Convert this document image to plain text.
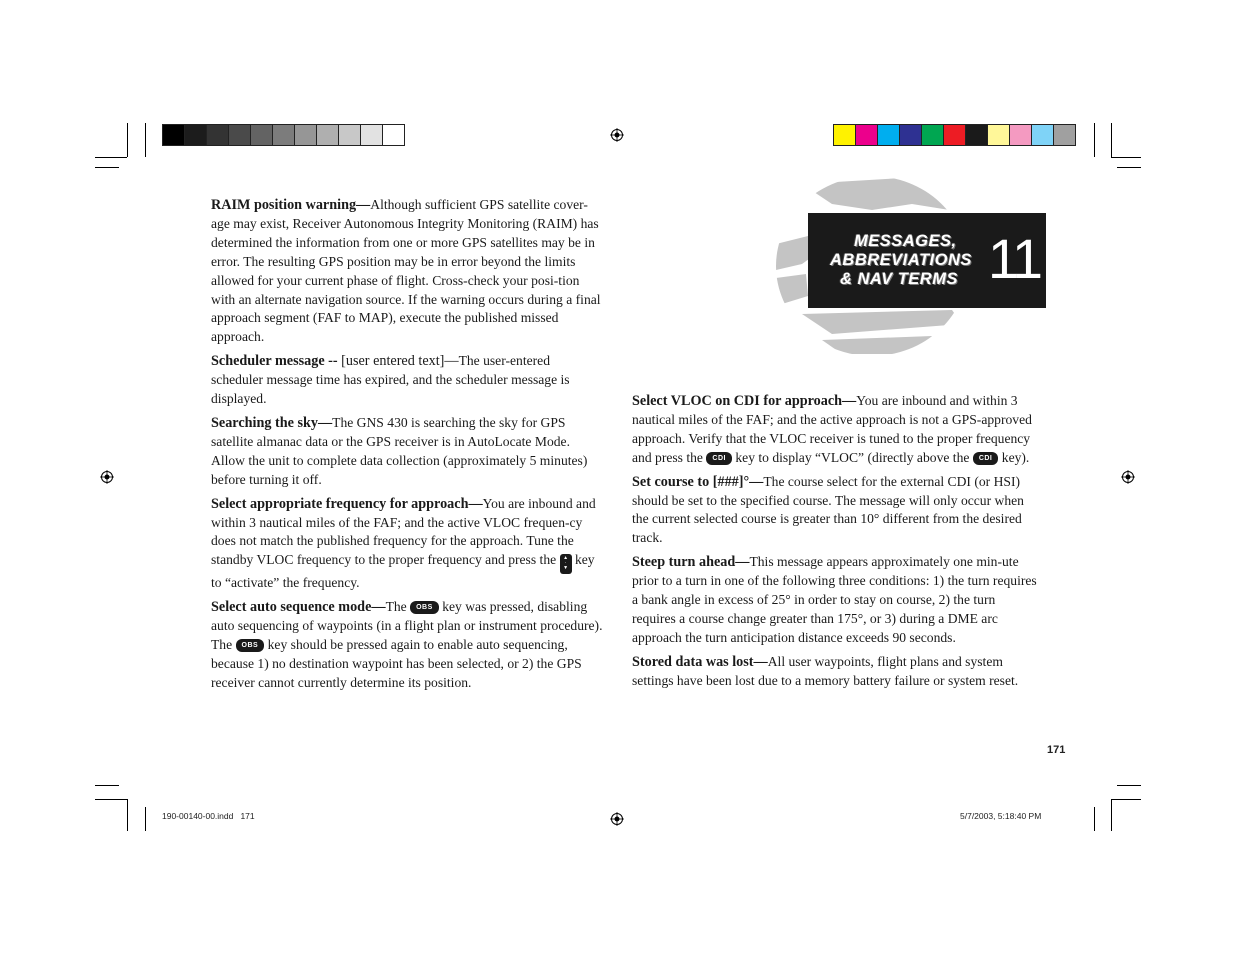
MESSAGES,
ABBREVIATIONS
& NAV TERMS 11

RAIM position warning—Although sufficient GPS satellite cover-age may exist, Receiver Autonomous Integrity Monitoring (RAIM) has determined the information from one or more GPS satellites may be in error. The resulting GPS position may be in error beyond the limits allowed for your current phase of flight. Cross-check your posi-tion with an alternate navigation source. If the warning occurs during a final approach segment (FAF to MAP), execute the published missed approach.

Scheduler message -- [user entered text]—The user-entered scheduler message time has expired, and the scheduler message is displayed.

Searching the sky—The GNS 430 is searching the sky for GPS satellite almanac data or the GPS receiver is in AutoLocate Mode. Allow the unit to complete data collection (approximately 5 minutes) before turning it off.

Select appropriate frequency for approach—You are inbound and within 3 nautical miles of the FAF; and the active VLOC frequen-cy does not match the published frequency for the approach. Tune the standby VLOC frequency to the proper frequency and press the	▲
·
▼
key to “activate” the frequency.

Select auto sequence mode—The OBS key was pressed, disabling auto sequencing of waypoints (in a flight plan or instrument procedure). The OBS key should be pressed again to enable auto sequencing, because 1) no destination waypoint has been selected, or 2) the GPS receiver cannot currently determine its position.

Select VLOC on CDI for approach—You are inbound and within 3 nautical miles of the FAF; and the active approach is not a GPS-approved approach. Verify that the VLOC receiver is tuned to the proper frequency and press the CDI key to display “VLOC” (directly above the CDI key).

Set course to [###]°—The course select for the external CDI (or HSI) should be set to the specified course. The message will only occur when the current selected course is greater than 10° different from the desired track.

Steep turn ahead—This message appears approximately one min-ute prior to a turn in one of the following three conditions: 1) the turn requires a bank angle in excess of 25° in order to stay on course, 2) the turn requires a course change greater than 175°, or 3) during a DME arc approach the turn anticipation distance exceeds 90 seconds.

Stored data was lost—All user waypoints, flight plans and system settings have been lost due to a memory battery failure or system reset.

171
190-00140-00.indd   171	5/7/2003, 5:18:40 PM
